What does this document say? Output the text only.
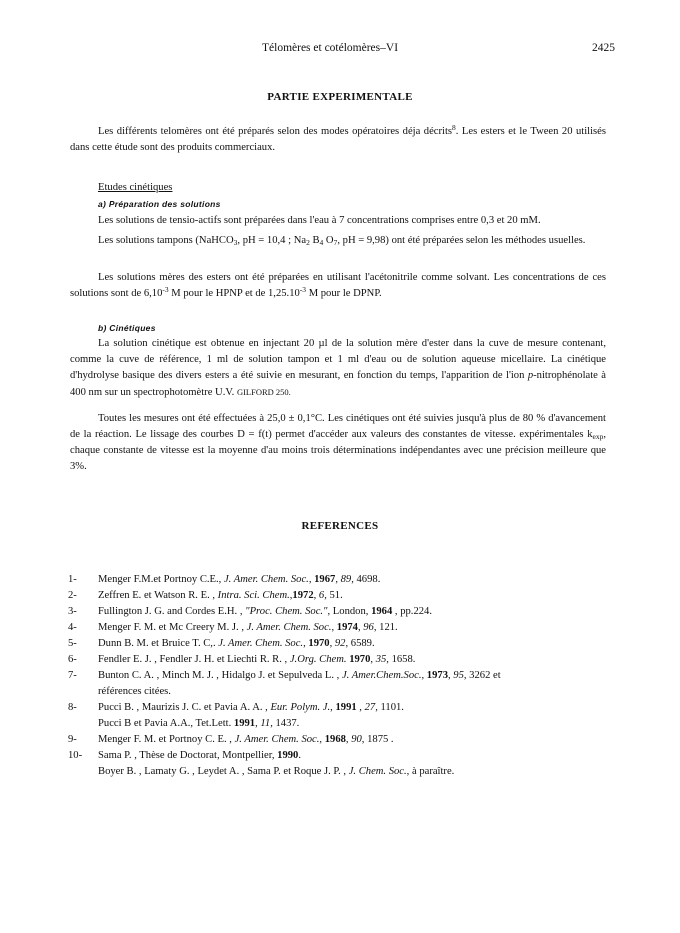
Télomères et cotélomères–VI	2425
PARTIE EXPERIMENTALE

Les différents telomères ont été préparés selon des modes opératoires déja décrits$^8$. Les esters et le Tween 20 utilisés dans cette étude sont des produits commerciaux.

Etudes cinétiques

a) Préparation des solutions

Les solutions de tensio-actifs sont préparées dans l'eau à 7 concentrations comprises entre 0,3 et 20 mM.

Les solutions tampons (NaHCO$_3$, pH = 10,4 ; $Na_2$ $B_4$ $O_7$, pH = 9,98) ont été préparées selon les méthodes usuelles.

Les solutions mères des esters ont été préparées en utilisant l'acétonitrile comme solvant. Les concentrations de ces solutions sont de $6,10^{-3}$ M pour le HPNP et de $1,25.10^{-3}$ M pour le DPNP.

b) Cinétiques

La solution cinétique est obtenue en injectant 20 µl de la solution mère d'ester dans la cuve de mesure contenant, comme la cuve de référence, 1 ml de solution tampon et 1 ml d'eau ou de solution aqueuse micellaire. La cinétique d'hydrolyse basique des divers esters a été suivie en mesurant, en fonction du temps, l'apparition de l'ion p-nitrophénolate à 400 nm sur un spectrophotomètre U.V. GILFORD 250.

Toutes les mesures ont été effectuées à 25,0 ± 0,1°C. Les cinétiques ont été suivies jusqu'à plus de 80 % d'avancement de la réaction. Le lissage des courbes D = f(t) permet d'accéder aux valeurs des constantes de vitesse. expérimentales $k_{exp}$, chaque constante de vitesse est la moyenne d'au moins trois déterminations indépendantes avec une précision meilleure que 3%.

REFERENCES
1-	Menger F.M.et Portnoy C.E., J. Amer. Chem. Soc., 1967, 89, 4698.
2-	Zeffren E. et Watson R. E. , Intra. Sci. Chem.,1972, 6, 51.
3-	Fullington J. G. and Cordes E.H. , "Proc. Chem. Soc.", London, 1964 , pp.224.
4-	Menger F. M. et Mc Creery M. J. , J. Amer. Chem. Soc., 1974, 96, 121.
5-	Dunn B. M. et Bruice T. C,. J. Amer. Chem. Soc., 1970, 92, 6589.
6-	Fendler E. J. , Fendler J. H. et Liechti R. R. , J.Org. Chem. 1970, 35, 1658.
7-	Bunton C. A. , Minch M. J. , Hidalgo J. et Sepulveda L. , J. Amer.Chem.Soc., 1973, 95, 3262 et
références citées.
8-	Pucci B. , Maurizis J. C. et Pavia A. A. , Eur. Polym. J., 1991 , 27, 1101.
Pucci B et Pavia A.A., Tet.Lett. 1991, 11, 1437.
9-	Menger F. M. et Portnoy C. E. , J. Amer. Chem. Soc., 1968, 90, 1875 .
10-	Sama P. , Thèse de Doctorat, Montpellier, 1990.
Boyer B. , Lamaty G. , Leydet A. , Sama P. et Roque J. P. , J. Chem. Soc., à paraître.
